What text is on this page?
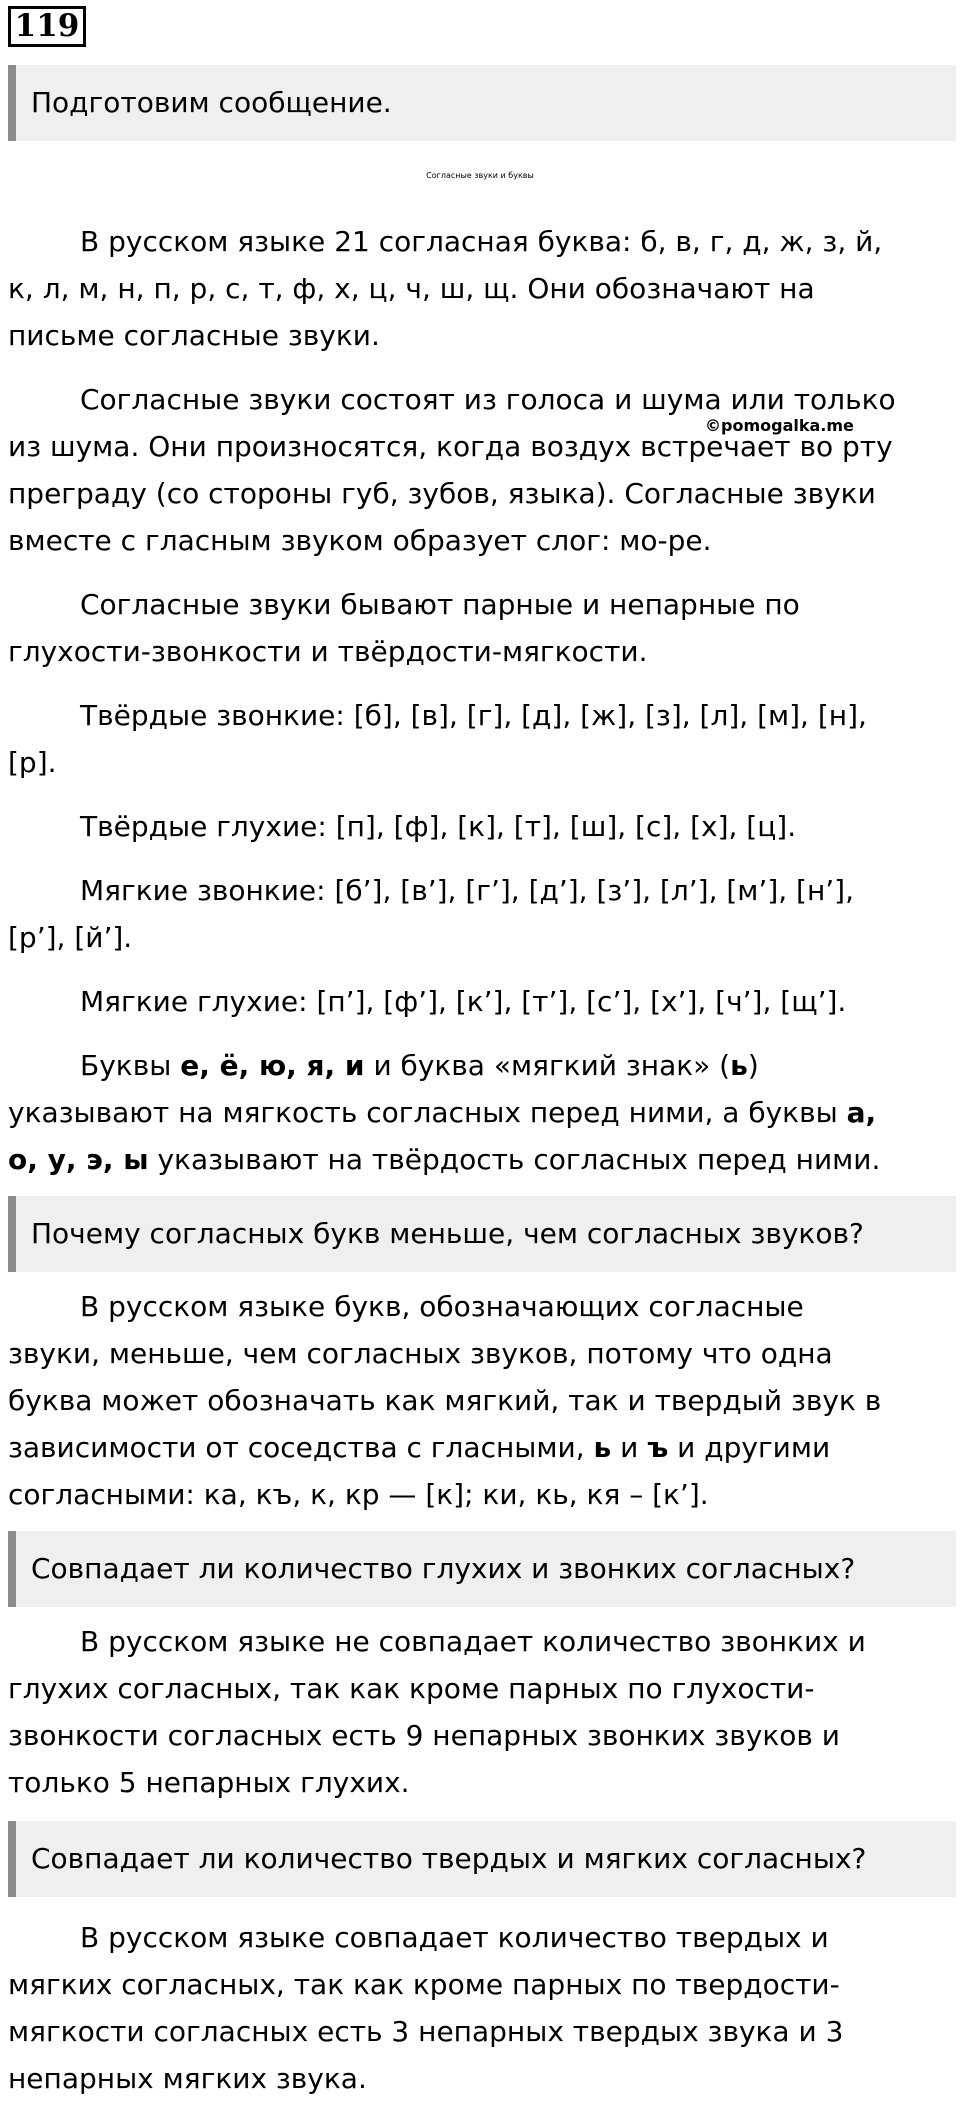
119
Подготовим сообщение.
Согласные звуки и буквы
В русском языке 21 согласная буква: б, в, г, д, ж, з, й,
к, л, м, н, п, р, с, т, ф, х, ц, ч, ш, щ. Они обозначают на
письме согласные звуки.
©pomogalka.me
Согласные звуки состоят из голоса и шума или только
из шума. Они произносятся, когда воздух встречает во рту
преграду (со стороны губ, зубов, языка). Согласные звуки
вместе с гласным звуком образует слог: мо-ре.
Согласные звуки бывают парные и непарные по
глухости-звонкости и твёрдости-мягкости.
Твёрдые звонкие: [б], [в], [г], [д], [ж], [з], [л], [м], [н],
[р].
Твёрдые глухие: [п], [ф], [к], [т], [ш], [с], [х], [ц].
Мягкие звонкие: [б’], [в’], [г’], [д’], [з’], [л’], [м’], [н’],
[р’], [й’].
Мягкие глухие: [п’], [ф’], [к’], [т’], [с’], [х’], [ч’], [щ’].
Буквы е, ё, ю, я, и и буква «мягкий знак» (ь)
указывают на мягкость согласных перед ними, а буквы а,
о, у, э, ы указывают на твёрдость согласных перед ними.
Почему согласных букв меньше, чем согласных звуков?
В русском языке букв, обозначающих согласные
звуки, меньше, чем согласных звуков, потому что одна
буква может обозначать как мягкий, так и твердый звук в
зависимости от соседства с гласными, ь и ъ и другими
согласными: ка, къ, к, кр — [к]; ки, кь, кя – [к’].
Совпадает ли количество глухих и звонких согласных?
В русском языке не совпадает количество звонких и
глухих согласных, так как кроме парных по глухости-
звонкости согласных есть 9 непарных звонких звуков и
только 5 непарных глухих.
Совпадает ли количество твердых и мягких согласных?
В русском языке совпадает количество твердых и
мягких согласных, так как кроме парных по твердости-
мягкости согласных есть 3 непарных твердых звука и 3
непарных мягких звука.
